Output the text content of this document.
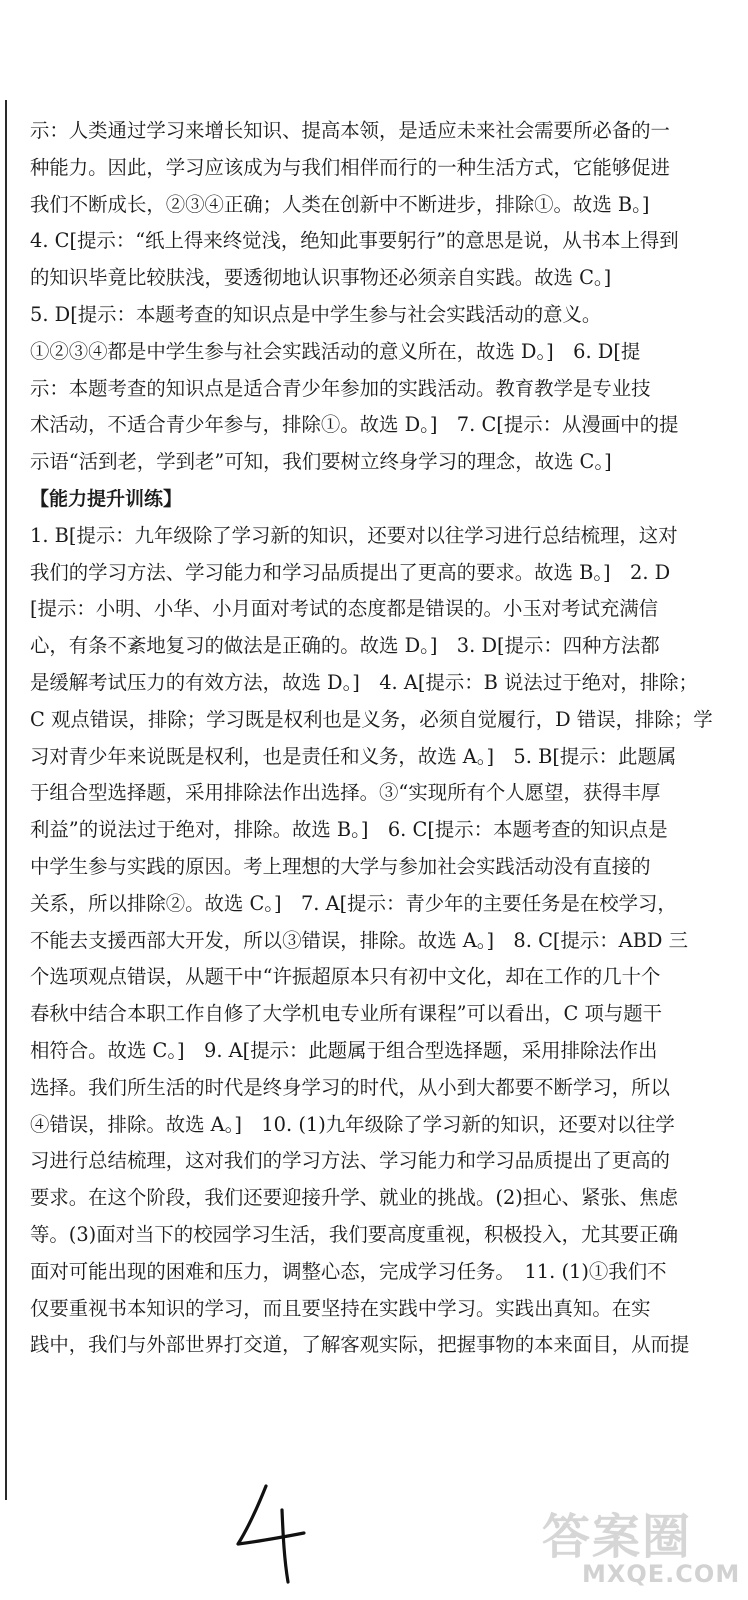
示：人类通过学习来增长知识、提高本领，是适应未来社会需要所必备的一
种能力。因此，学习应该成为与我们相伴而行的一种生活方式，它能够促进
我们不断成长，②③④正确；人类在创新中不断进步，排除①。故选 B。]
4. C[提示：“纸上得来终觉浅，绝知此事要躬行”的意思是说，从书本上得到
的知识毕竟比较肤浅，要透彻地认识事物还必须亲自实践。故选 C。]
5. D[提示：本题考查的知识点是中学生参与社会实践活动的意义。
①②③④都是中学生参与社会实践活动的意义所在，故选 D。]　6. D[提
示：本题考查的知识点是适合青少年参加的实践活动。教育教学是专业技
术活动，不适合青少年参与，排除①。故选 D。]　7. C[提示：从漫画中的提
示语“活到老，学到老”可知，我们要树立终身学习的理念，故选 C。]
【能力提升训练】
1. B[提示：九年级除了学习新的知识，还要对以往学习进行总结梳理，这对
我们的学习方法、学习能力和学习品质提出了更高的要求。故选 B。]　2. D
[提示：小明、小华、小月面对考试的态度都是错误的。小玉对考试充满信
心，有条不紊地复习的做法是正确的。故选 D。]　3. D[提示：四种方法都
是缓解考试压力的有效方法，故选 D。]　4. A[提示：B 说法过于绝对，排除；
C 观点错误，排除；学习既是权利也是义务，必须自觉履行，D 错误，排除；学
习对青少年来说既是权利，也是责任和义务，故选 A。]　5. B[提示：此题属
于组合型选择题，采用排除法作出选择。③“实现所有个人愿望，获得丰厚
利益”的说法过于绝对，排除。故选 B。]　6. C[提示：本题考查的知识点是
中学生参与实践的原因。考上理想的大学与参加社会实践活动没有直接的
关系，所以排除②。故选 C。]　7. A[提示：青少年的主要任务是在校学习，
不能去支援西部大开发，所以③错误，排除。故选 A。]　8. C[提示：ABD 三
个选项观点错误，从题干中“许振超原本只有初中文化，却在工作的几十个
春秋中结合本职工作自修了大学机电专业所有课程”可以看出，C 项与题干
相符合。故选 C。]　9. A[提示：此题属于组合型选择题，采用排除法作出
选择。我们所生活的时代是终身学习的时代，从小到大都要不断学习，所以
④错误，排除。故选 A。]　10. (1)九年级除了学习新的知识，还要对以往学
习进行总结梳理，这对我们的学习方法、学习能力和学习品质提出了更高的
要求。在这个阶段，我们还要迎接升学、就业的挑战。(2)担心、紧张、焦虑
等。(3)面对当下的校园学习生活，我们要高度重视，积极投入，尤其要正确
面对可能出现的困难和压力，调整心态，完成学习任务。　11. (1)①我们不
仅要重视书本知识的学习，而且要坚持在实践中学习。实践出真知。在实
践中，我们与外部世界打交道，了解客观实际，把握事物的本来面目，从而提
答案圈
MXQE.COM
